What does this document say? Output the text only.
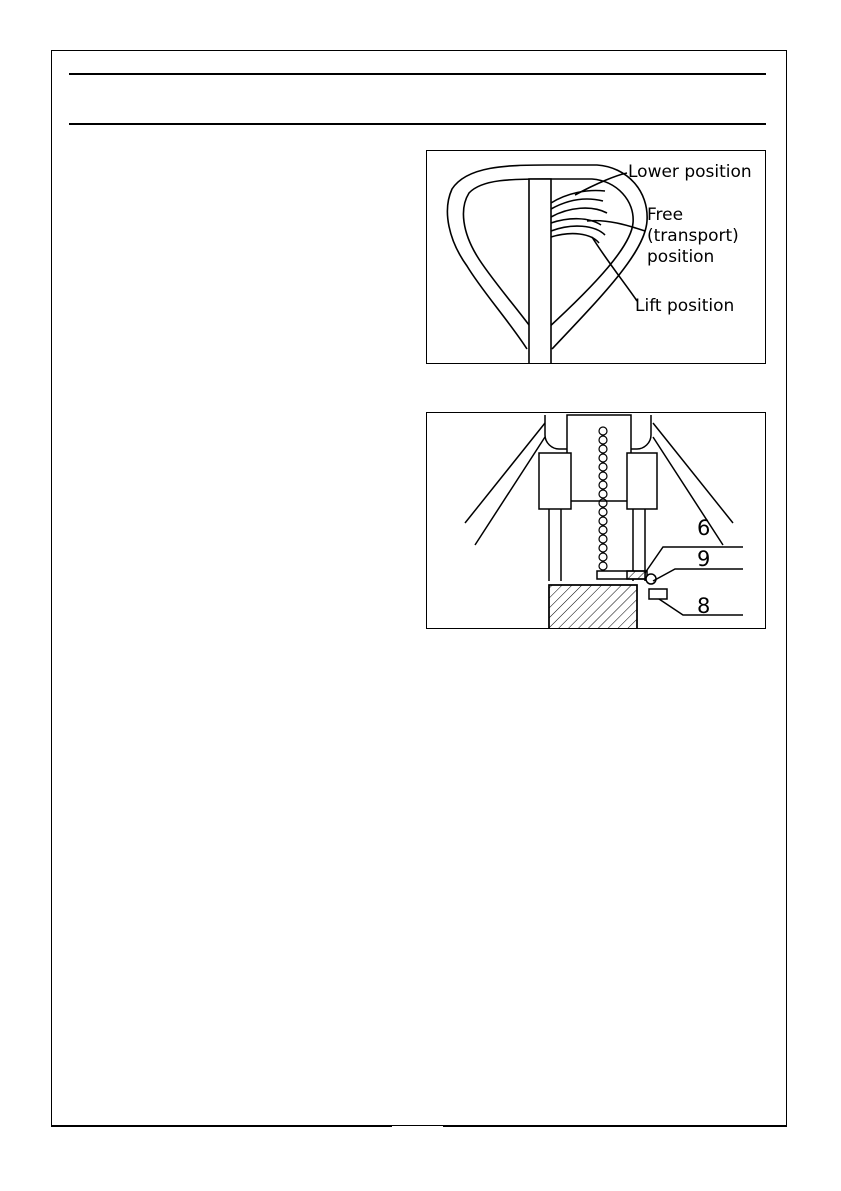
Lower position
Free
(transport)
position
Lift position
6
9
8
